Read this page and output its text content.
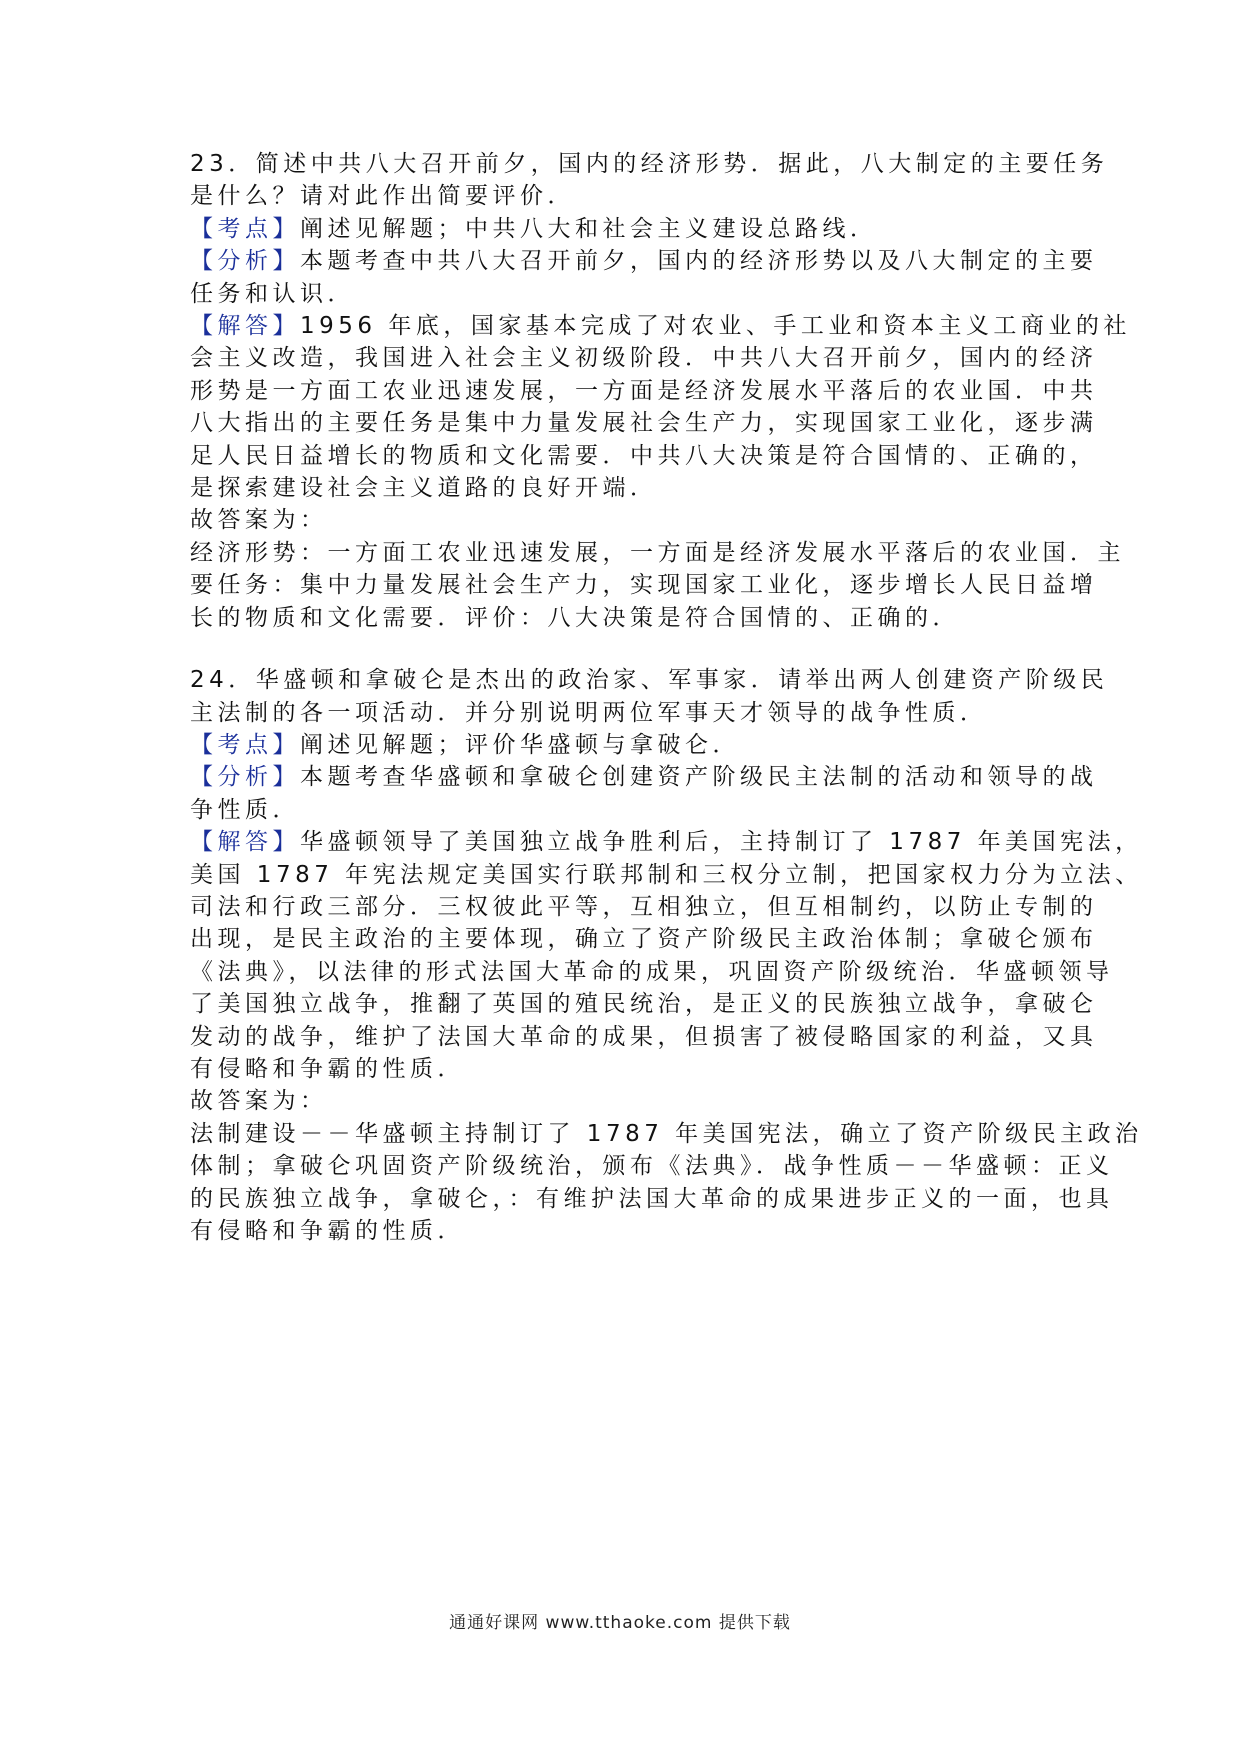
23．简述中共八大召开前夕，国内的经济形势．据此，八大制定的主要任务

是什么？请对此作出简要评价．

【考点】阐述见解题；中共八大和社会主义建设总路线．

【分析】本题考查中共八大召开前夕，国内的经济形势以及八大制定的主要

任务和认识．

【解答】1956 年底，国家基本完成了对农业、手工业和资本主义工商业的社

会主义改造，我国进入社会主义初级阶段．中共八大召开前夕，国内的经济

形势是一方面工农业迅速发展，一方面是经济发展水平落后的农业国．中共

八大指出的主要任务是集中力量发展社会生产力，实现国家工业化，逐步满

足人民日益增长的物质和文化需要．中共八大决策是符合国情的、正确的，

是探索建设社会主义道路的良好开端．

故答案为：

经济形势：一方面工农业迅速发展，一方面是经济发展水平落后的农业国．主

要任务：集中力量发展社会生产力，实现国家工业化，逐步增长人民日益增

长的物质和文化需要．评价：八大决策是符合国情的、正确的．

24．华盛顿和拿破仑是杰出的政治家、军事家．请举出两人创建资产阶级民

主法制的各一项活动．并分别说明两位军事天才领导的战争性质．

【考点】阐述见解题；评价华盛顿与拿破仑．

【分析】本题考查华盛顿和拿破仑创建资产阶级民主法制的活动和领导的战

争性质．

【解答】华盛顿领导了美国独立战争胜利后，主持制订了 1787 年美国宪法，

美国 1787 年宪法规定美国实行联邦制和三权分立制，把国家权力分为立法、

司法和行政三部分．三权彼此平等，互相独立，但互相制约，以防止专制的

出现，是民主政治的主要体现，确立了资产阶级民主政治体制；拿破仑颁布

《法典》，以法律的形式法国大革命的成果，巩固资产阶级统治．华盛顿领导

了美国独立战争，推翻了英国的殖民统治，是正义的民族独立战争，拿破仑

发动的战争，维护了法国大革命的成果，但损害了被侵略国家的利益，又具

有侵略和争霸的性质．

故答案为：

法制建设－－华盛顿主持制订了 1787 年美国宪法，确立了资产阶级民主政治

体制；拿破仑巩固资产阶级统治，颁布《法典》．战争性质－－华盛顿：正义

的民族独立战争，拿破仑，：有维护法国大革命的成果进步正义的一面，也具

有侵略和争霸的性质．

通通好课网 www.tthaoke.com 提供下载
